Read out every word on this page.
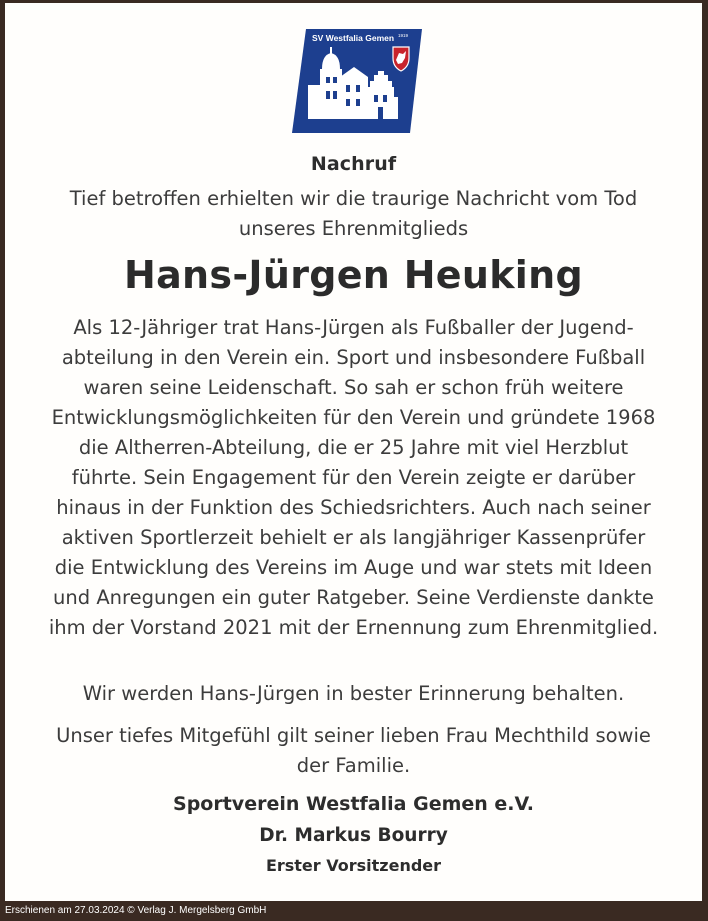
SV Westfalia Gemen 1919
Nachruf
Tief betroffen erhielten wir die traurige Nachricht vom Tod unseres Ehrenmitglieds
Hans-Jürgen Heuking
Als 12-Jähriger trat Hans-Jürgen als Fußballer der Jugend-abteilung in den Verein ein. Sport und insbesondere Fußball waren seine Leidenschaft. So sah er schon früh weitere Entwicklungsmöglichkeiten für den Verein und gründete 1968 die Altherren-Abteilung, die er 25 Jahre mit viel Herzblut führte. Sein Engagement für den Verein zeigte er darüber hinaus in der Funktion des Schiedsrichters. Auch nach seiner aktiven Sportlerzeit behielt er als langjähriger Kassenprüfer die Entwicklung des Vereins im Auge und war stets mit Ideen und Anregungen ein guter Ratgeber. Seine Verdienste dankte ihm der Vorstand 2021 mit der Ernennung zum Ehrenmitglied.
Wir werden Hans-Jürgen in bester Erinnerung behalten.
Unser tiefes Mitgefühl gilt seiner lieben Frau Mechthild sowie der Familie.
Sportverein Westfalia Gemen e.V.
Dr. Markus Bourry
Erster Vorsitzender
Erschienen am 27.03.2024 © Verlag J. Mergelsberg GmbH
